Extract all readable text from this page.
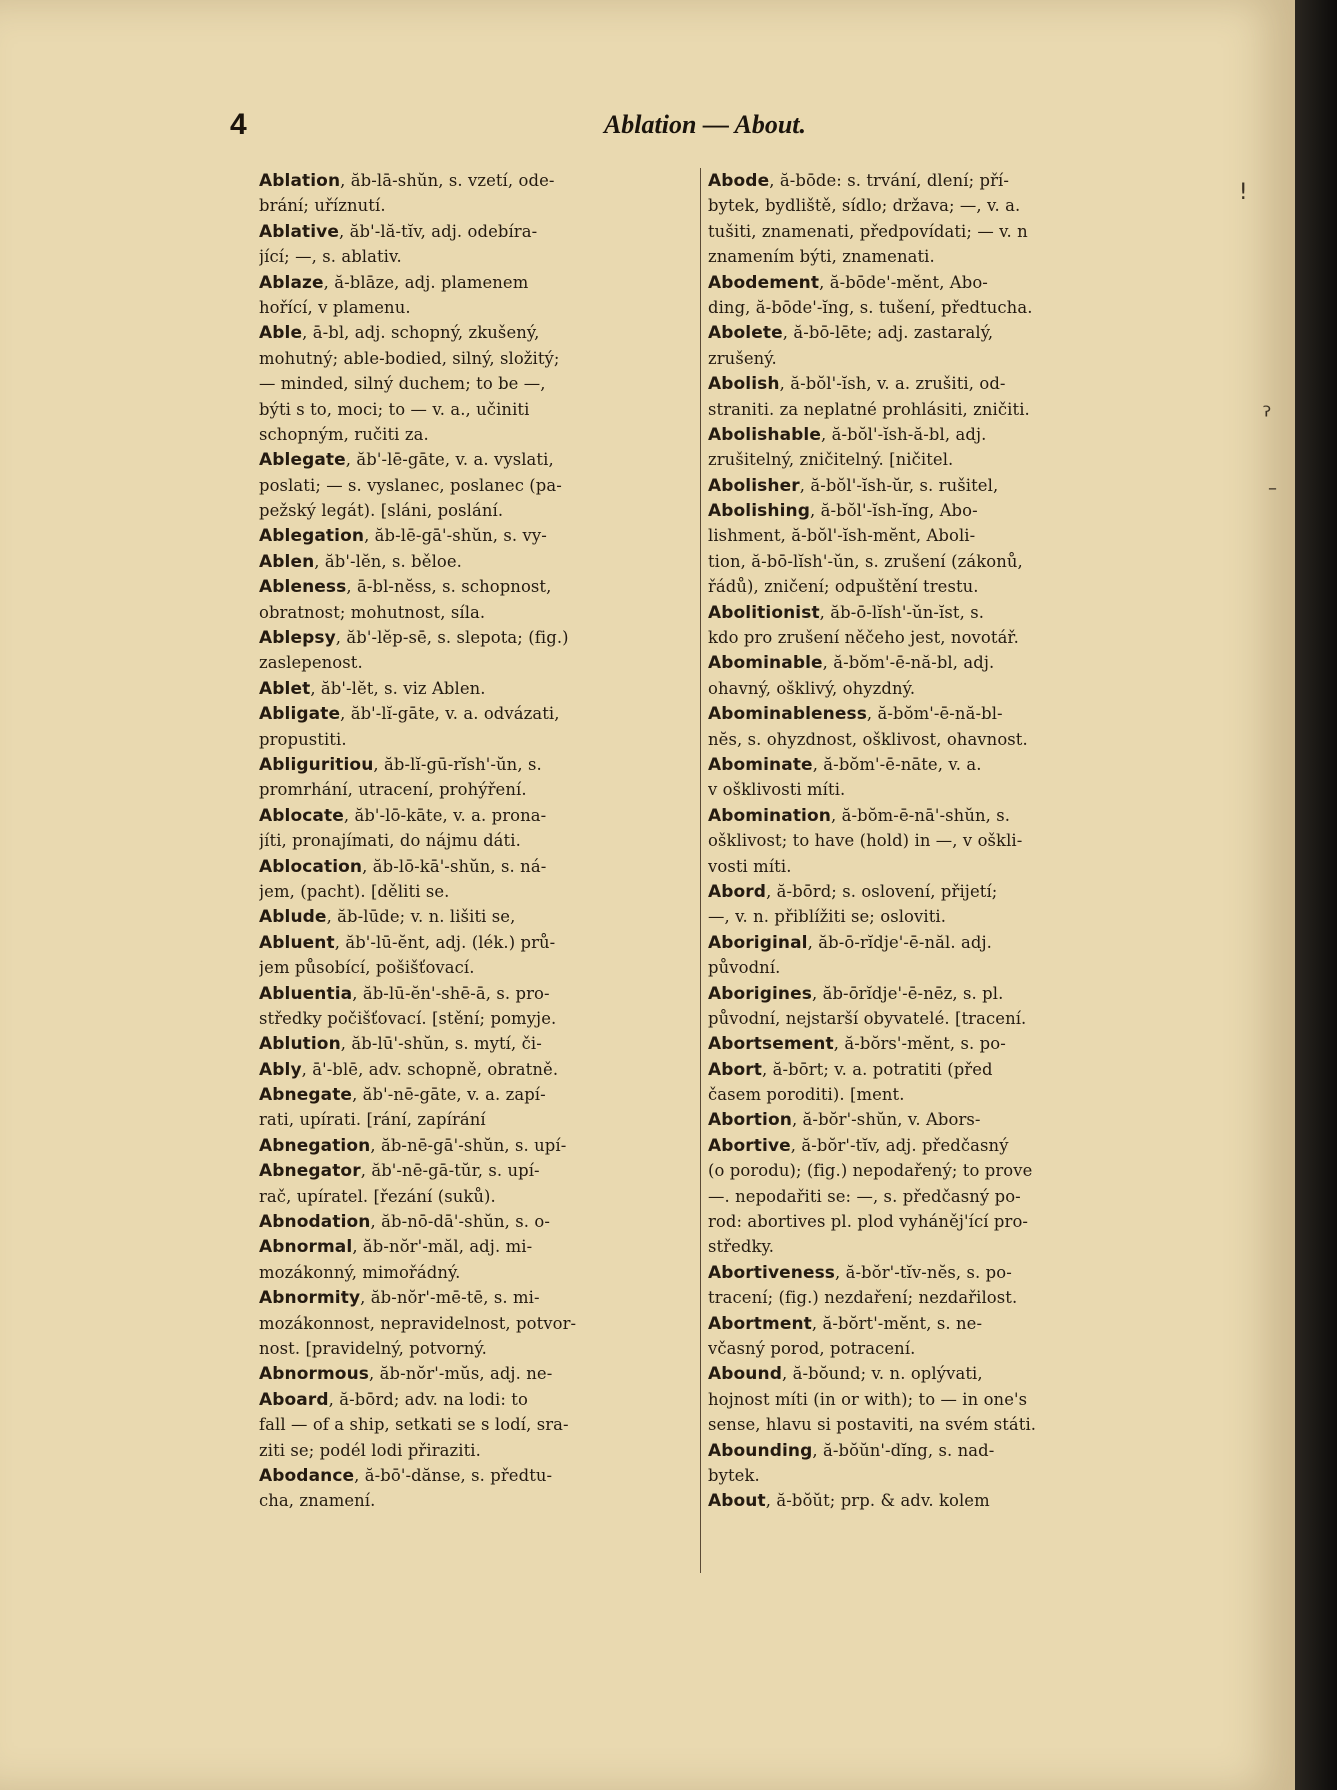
4	Ablation — About.
Ablation, ăb-lā-shŭn, s. vzetí, ode-
brání; uříznutí.
Ablative, ăb'-lă-tĭv, adj. odebíra-
jící; —, s. ablativ.
Ablaze, ă-blāze, adj. plamenem
hořící, v plamenu.
Able, ā-bl, adj. schopný, zkušený,
mohutný; able-bodied, silný, složitý;
— minded, silný duchem; to be —,
býti s to, moci; to — v. a., učiniti
schopným, ručiti za.
Ablegate, ăb'-lē-gāte, v. a. vyslati,
poslati; — s. vyslanec, poslanec (pa-
pežský legát). [sláni, poslání.
Ablegation, ăb-lē-gā'-shŭn, s. vy-
Ablen, ăb'-lĕn, s. běloe.
Ableness, ā-bl-nĕss, s. schopnost,
obratnost; mohutnost, síla.
Ablepsy, ăb'-lĕp-sē, s. slepota; (fig.)
zaslepenost.
Ablet, ăb'-lĕt, s. viz Ablen.
Abligate, ăb'-lĭ-gāte, v. a. odvázati,
propustiti.
Abliguritiou, ăb-lĭ-gū-rĭsh'-ŭn, s.
promrhání, utracení, prohýření.
Ablocate, ăb'-lō-kāte, v. a. prona-
jíti, pronajímati, do nájmu dáti.
Ablocation, ăb-lō-kā'-shŭn, s. ná-
jem, (pacht). [děliti se.
Ablude, ăb-lūde; v. n. lišiti se,
Abluent, ăb'-lū-ĕnt, adj. (lék.) prů-
jem působící, pošišťovací.
Abluentia, ăb-lū-ĕn'-shē-ā, s. pro-
středky počišťovací. [stění; pomyje.
Ablution, ăb-lū'-shŭn, s. mytí, či-
Ably, ā'-blē, adv. schopně, obratně.
Abnegate, ăb'-nē-gāte, v. a. zapí-
rati, upírati. [rání, zapírání
Abnegation, ăb-nē-gā'-shŭn, s. upí-
Abnegator, ăb'-nē-gā-tŭr, s. upí-
rač, upíratel. [řezání (suků).
Abnodation, ăb-nō-dā'-shŭn, s. o-
Abnormal, ăb-nŏr'-măl, adj. mi-
mozákonný, mimořádný.
Abnormity, ăb-nŏr'-mē-tē, s. mi-
mozákonnost, nepravidelnost, potvor-
nost. [pravidelný, potvorný.
Abnormous, ăb-nŏr'-mŭs, adj. ne-
Aboard, ă-bōrd; adv. na lodi: to
fall — of a ship, setkati se s lodí, sra-
ziti se; podél lodi přiraziti.
Abodance, ă-bō'-dănse, s. předtu-
cha, znamení.
Abode, ă-bōde: s. trvání, dlení; pří-
bytek, bydliště, sídlo; država; —, v. a.
tušiti, znamenati, předpovídati; — v. n
znamením býti, znamenati.
Abodement, ă-bōde'-mĕnt, Abo-
ding, ă-bōde'-ĭng, s. tušení, předtucha.
Abolete, ă-bō-lēte; adj. zastaralý,
zrušený.
Abolish, ă-bŏl'-ĭsh, v. a. zrušiti, od-
straniti. za neplatné prohlásiti, zničiti.
Abolishable, ă-bŏl'-ĭsh-ă-bl, adj.
zrušitelný, zničitelný. [ničitel.
Abolisher, ă-bŏl'-ĭsh-ŭr, s. rušitel,
Abolishing, ă-bŏl'-ĭsh-ĭng, Abo-
lishment, ă-bŏl'-ĭsh-mĕnt, Aboli-
tion, ă-bō-lĭsh'-ŭn, s. zrušení (zákonů,
řádů), zničení; odpuštění trestu.
Abolitionist, ăb-ō-lĭsh'-ŭn-ĭst, s.
kdo pro zrušení něčeho jest, novotář.
Abominable, ă-bŏm'-ē-nă-bl, adj.
ohavný, ošklivý, ohyzdný.
Abominableness, ă-bŏm'-ē-nă-bl-
nĕs, s. ohyzdnost, ošklivost, ohavnost.
Abominate, ă-bŏm'-ē-nāte, v. a.
v ošklivosti míti.
Abomination, ă-bŏm-ē-nā'-shŭn, s.
ošklivost; to have (hold) in —, v oškli-
vosti míti.
Abord, ă-bōrd; s. oslovení, přijetí;
—, v. n. přiblížiti se; osloviti.
Aboriginal, ăb-ō-rĭdje'-ē-năl. adj.
původní.
Aborigines, ăb-ōrĭdje'-ē-nēz, s. pl.
původní, nejstarší obyvatelé. [tracení.
Abortsement, ă-bŏrs'-mĕnt, s. po-
Abort, ă-bōrt; v. a. potratiti (před
časem poroditi). [ment.
Abortion, ă-bŏr'-shŭn, v. Abors-
Abortive, ă-bŏr'-tĭv, adj. předčasný
(o porodu); (fig.) nepodařený; to prove
—. nepodařiti se: —, s. předčasný po-
rod: abortives pl. plod vyháněj'ící pro-
středky.
Abortiveness, ă-bŏr'-tĭv-nĕs, s. po-
tracení; (fig.) nezdaření; nezdařilost.
Abortment, ă-bŏrt'-mĕnt, s. ne-
včasný porod, potracení.
Abound, ă-bŏund; v. n. oplývati,
hojnost míti (in or with); to — in one's
sense, hlavu si postaviti, na svém státi.
Abounding, ă-bŏŭn'-dĭng, s. nad-
bytek.
About, ă-bŏŭt; prp. & adv. kolem
ǃ
ˀ
–
